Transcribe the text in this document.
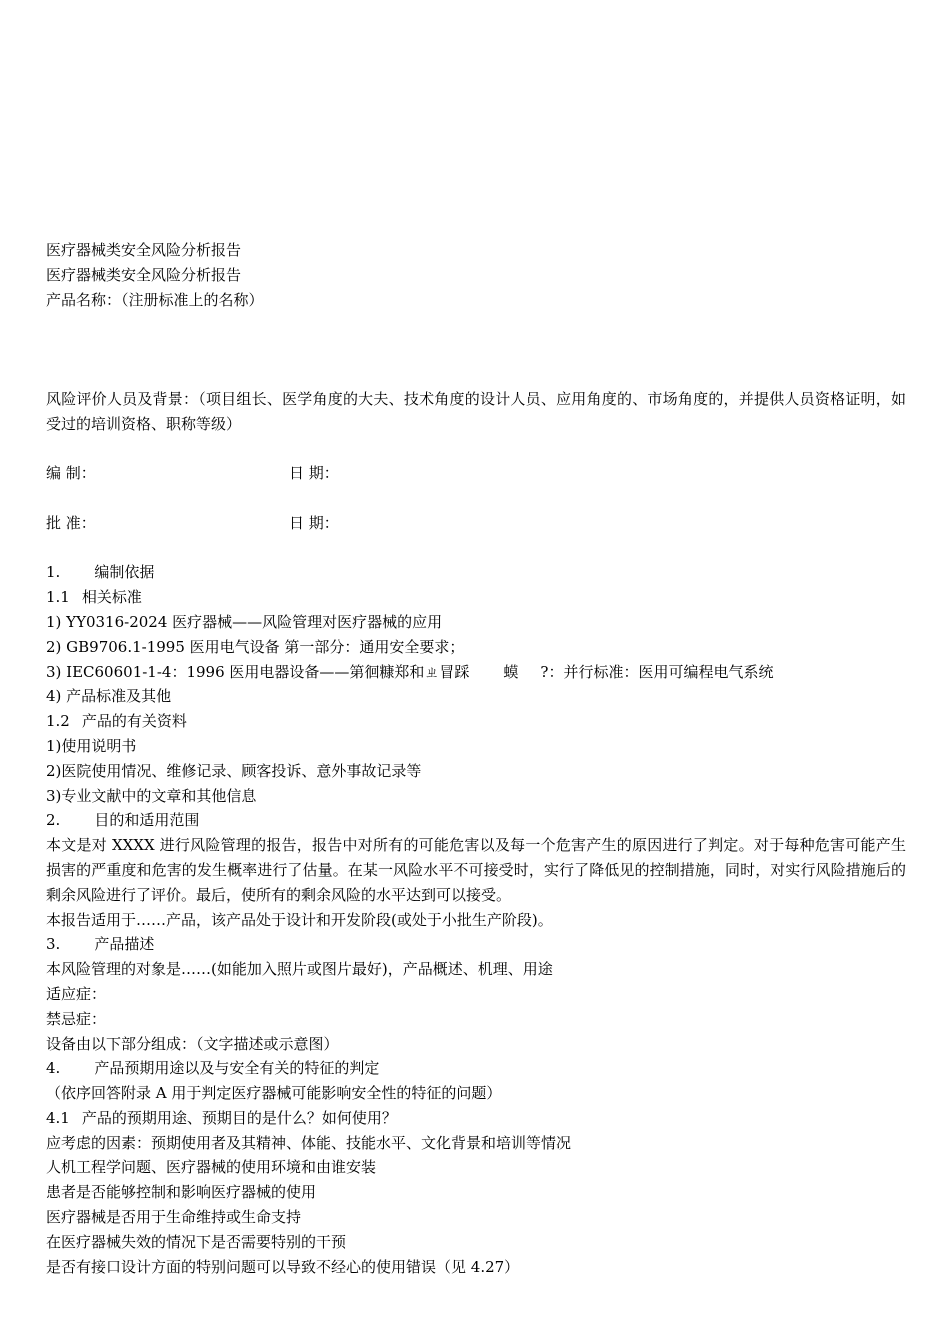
医疗器械类安全风险分析报告
医疗器械类安全风险分析报告
产品名称：（注册标准上的名称）
风险评价人员及背景：（项目组长、医学角度的大夫、技术角度的设计人员、应用角度的、市场角度的，并提供人员资格证明，如受过的培训资格、职称等级）
编 制：	日 期：
批 准：	日 期：
1. 编制依据
1.1 相关标准
1) YY0316-2024 医疗器械——风险管理对医疗器械的应用
2) GB9706.1-1995 医用电气设备 第一部分：通用安全要求；
3) IEC60601-1-4：1996 医用电器设备——第徊糠郑和ㄓ冒踩 蟆 ?：并行标准：医用可编程电气系统
4) 产品标准及其他
1.2 产品的有关资料
1)使用说明书
2)医院使用情况、维修记录、顾客投诉、意外事故记录等
3)专业文献中的文章和其他信息
2. 目的和适用范围
本文是对 XXXX 进行风险管理的报告，报告中对所有的可能危害以及每一个危害产生的原因进行了判定。对于每种危害可能产生损害的严重度和危害的发生概率进行了估量。在某一风险水平不可接受时，实行了降低见的控制措施，同时，对实行风险措施后的剩余风险进行了评价。最后，使所有的剩余风险的水平达到可以接受。
本报告适用于……产品，该产品处于设计和开发阶段(或处于小批生产阶段)。
3. 产品描述
本风险管理的对象是……(如能加入照片或图片最好)，产品概述、机理、用途
适应症：
禁忌症：
设备由以下部分组成：（文字描述或示意图）
4. 产品预期用途以及与安全有关的特征的判定
（依序回答附录 A 用于判定医疗器械可能影响安全性的特征的问题）
4.1 产品的预期用途、预期目的是什么？如何使用？
应考虑的因素：预期使用者及其精神、体能、技能水平、文化背景和培训等情况
人机工程学问题、医疗器械的使用环境和由谁安装
患者是否能够控制和影响医疗器械的使用
医疗器械是否用于生命维持或生命支持
在医疗器械失效的情况下是否需要特别的干预
是否有接口设计方面的特别问题可以导致不经心的使用错误（见 4.27）
